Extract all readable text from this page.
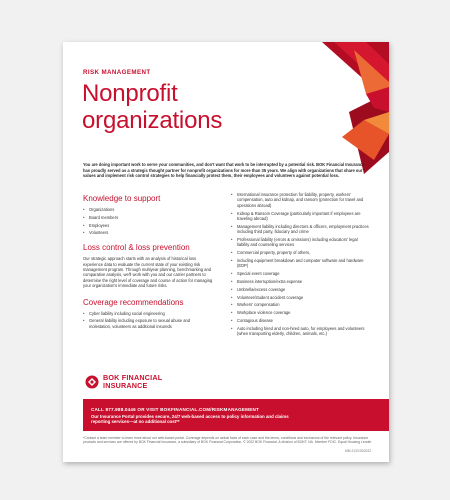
RISK MANAGEMENT
Nonprofit organizations
You are doing important work to serve your communities, and don't want that work to be interrupted by a potential risk. BOK Financial Insurance has proudly served as a strategic thought partner for nonprofit organizations for more than 35 years. We align with organizations that share our values and implement risk control strategies to help financially protect them, their employees and volunteers against potential loss.
Knowledge to support
• Organizations
• Board members
• Employees
• Volunteers
Loss control & loss prevention
Our strategic approach starts with an analysis of historical loss experience data to evaluate the current state of your existing risk management program. Through multiyear planning, benchmarking and comparative analysis, we'll work with you and our carrier partners to determine the right level of coverage and course of action for managing your organization's immediate and future risks.
Coverage recommendations
• Cyber liability including social engineering
• General liability including exposure to sexual abuse and molestation, volunteers as additional insureds
• International insurance protection for liability, property, workers' compensation, auto and kidnap, and ransom (protection for travel and operations abroad)
• Kidnap & Ransom Coverage (particularly important if employees are traveling abroad)
• Management liability including directors & officers, employment practices including third party, fiduciary and crime
• Professional liability (errors & omissions) including educators' legal liability and counseling services
• Commercial property, property of others,
• including equipment breakdown and computer software and hardware (EDP)
• Special event coverage
• Business interruption/extra expense
• Umbrella/excess coverage
• Volunteer/student accident coverage
• Workers' compensation
• Workplace violence coverage
• Contagious disease
• Auto including hired and non-hired auto, for employees and volunteers (when transporting elderly, children, animals, etc.)
BOK FINANCIAL
INSURANCE
CALL 877.988.0446 OR VISIT BOKFINANCIAL.COM/RISKMANAGEMENT
Our Insurance Portal provides secure, 24/7 web-based access to policy information and claims reporting services—at no additional cost**
*Contact a team member to learn more about our web-based portal. Coverage depends on actual facts of each case and the terms, conditions and exclusions of the relevant policy. Insurance products and services are offered by BOK Financial Insurance, a subsidiary of BOK Financial Corporation. © 2022 BOK Financial. A division of BOKF, NA. Member FDIC. Equal Housing Lender
MM-2133 05/2022
